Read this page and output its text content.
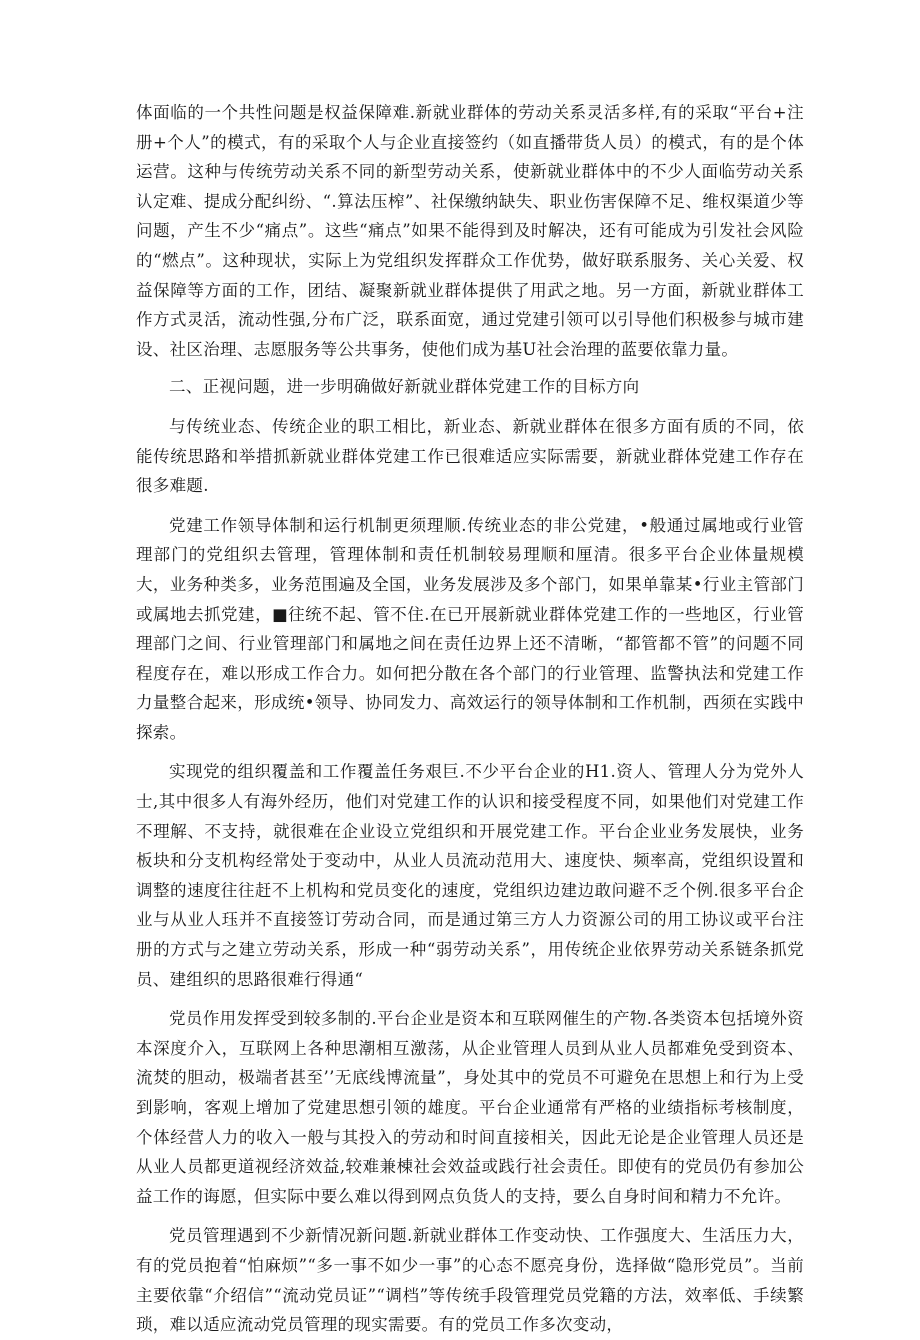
体面临的一个共性问题是权益保障难.新就业群体的劳动关系灵活多样,有的采取“平台+注册+个人”的模式，有的采取个人与企业直接签约（如直播带货人员）的模式，有的是个体运营。这种与传统劳动关系不同的新型劳动关系，使新就业群体中的不少人面临劳动关系认定难、提成分配纠纷、“.算法压榨”、社保缴纳缺失、职业伤害保障不足、维权渠道少等问题，产生不少“痛点”。这些“痛点”如果不能得到及时解决，还有可能成为引发社会风险的“燃点”。这种现状，实际上为党组织发挥群众工作优势，做好联系服务、关心关爱、权益保障等方面的工作，团结、凝聚新就业群体提供了用武之地。另一方面，新就业群体工作方式灵活，流动性强,分布广泛，联系面宽，通过党建引领可以引导他们积极参与城市建设、社区治理、志愿服务等公共事务，使他们成为基U社会治理的蓝要依靠力量。

二、正视问题，进一步明确做好新就业群体党建工作的目标方向

与传统业态、传统企业的职工相比，新业态、新就业群体在很多方面有质的不同，依能传统思路和举措抓新就业群体党建工作已很难适应实际需要，新就业群体党建工作存在很多难题.

党建工作领导体制和运行机制更须理顺.传统业态的非公党建，•般通过属地或行业管理部门的党组织去管理，管理体制和责任机制较易理顺和厘清。很多平台企业体量规模大，业务种类多，业务范围遍及全国，业务发展涉及多个部门，如果单靠某•行业主管部门或属地去抓党建，■往统不起、管不住.在已开展新就业群体党建工作的一些地区，行业管理部门之间、行业管理部门和属地之间在责任边界上还不清晰，“都管都不管”的问题不同程度存在，难以形成工作合力。如何把分散在各个部门的行业管理、监警执法和党建工作力量整合起来，形成统•领导、协同发力、高效运行的领导体制和工作机制，西须在实践中探索。

实现党的组织覆盖和工作覆盖任务艰巨.不少平台企业的H1.资人、管理人分为党外人士,其中很多人有海外经历，他们对党建工作的认识和接受程度不同，如果他们对党建工作不理解、不支持，就很难在企业设立党组织和开展党建工作。平台企业业务发展快，业务板块和分支机构经常处于变动中，从业人员流动范用大、速度快、频率高，党组织设置和调整的速度往往赶不上机构和党员变化的速度，党组织边建边敢问避不乏个例.很多平台企业与从业人珏并不直接签订劳动合同，而是通过第三方人力资源公司的用工协议或平台注册的方式与之建立劳动关系，形成一种“弱劳动关系”，用传统企业依界劳动关系链条抓党员、建组织的思路很难行得通“

党员作用发挥受到较多制的.平台企业是资本和互联网催生的产物.各类资本包括境外资本深度介入，互联网上各种思潮相互激荡，从企业管理人员到从业人员都难免受到资本、流焚的胆动，极端者甚至’’无底线博流量”，身处其中的党员不可避免在思想上和行为上受到影响，客观上增加了党建思想引领的雄度。平台企业通常有严格的业绩指标考核制度，个体经营人力的收入一般与其投入的劳动和时间直接相关，因此无论是企业管理人员还是从业人员都更道视经济效益,较难兼棟社会效益或践行社会责任。即使有的党员仍有参加公益工作的诲愿，但实际中要么难以得到网点负货人的支持，要么自身时间和精力不允许。

党员管理遇到不少新情况新问题.新就业群体工作变动快、工作强度大、生活压力大，有的党员抱着“怕麻烦”“多一事不如少一事”的心态不愿亮身份，选择做“隐形党员”。当前主要依靠“介绍信”“流动党员证”“调档”等传统手段管理党员党籍的方法，效率低、手续繁琐，难以适应流动党员管理的现实需要。有的党员工作多次变动，
